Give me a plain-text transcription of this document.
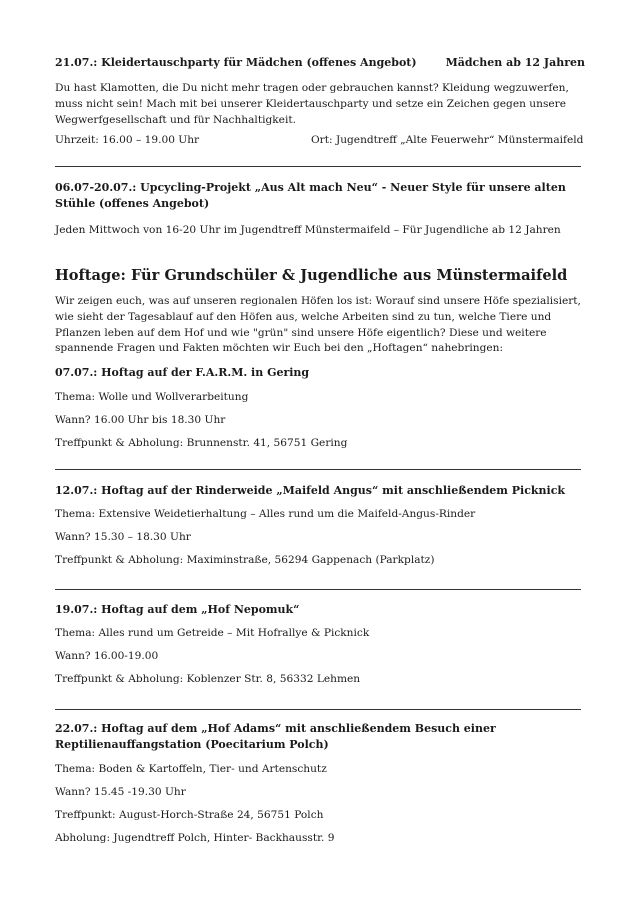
21.07.: Kleidertauschparty für Mädchen (offenes Angebot)	Mädchen ab 12 Jahren

Du hast Klamotten, die Du nicht mehr tragen oder gebrauchen kannst? Kleidung wegzuwerfen, muss nicht sein! Mach mit bei unserer Kleidertauschparty und setze ein Zeichen gegen unsere Wegwerfgesellschaft und für Nachhaltigkeit.

Uhrzeit: 16.00 – 19.00 Uhr	Ort: Jugendtreff „Alte Feuerwehr“ Münstermaifeld

06.07-20.07.: Upcycling-Projekt „Aus Alt mach Neu“ - Neuer Style für unsere alten Stühle (offenes Angebot)

Jeden Mittwoch von 16-20 Uhr im Jugendtreff Münstermaifeld – Für Jugendliche ab 12 Jahren

Hoftage: Für Grundschüler & Jugendliche aus Münstermaifeld

Wir zeigen euch, was auf unseren regionalen Höfen los ist: Worauf sind unsere Höfe spezialisiert, wie sieht der Tagesablauf auf den Höfen aus, welche Arbeiten sind zu tun, welche Tiere und Pflanzen leben auf dem Hof und wie "grün" sind unsere Höfe eigentlich? Diese und weitere spannende Fragen und Fakten möchten wir Euch bei den „Hoftagen“ nahebringen:

07.07.: Hoftag auf der F.A.R.M. in Gering

Thema: Wolle und Wollverarbeitung

Wann? 16.00 Uhr bis 18.30 Uhr

Treffpunkt & Abholung: Brunnenstr. 41, 56751 Gering

12.07.: Hoftag auf der Rinderweide „Maifeld Angus“ mit anschließendem Picknick

Thema: Extensive Weidetierhaltung – Alles rund um die Maifeld-Angus-Rinder

Wann? 15.30 – 18.30 Uhr

Treffpunkt & Abholung: Maximinstraße, 56294 Gappenach (Parkplatz)

19.07.: Hoftag auf dem „Hof Nepomuk“

Thema: Alles rund um Getreide – Mit Hofrallye & Picknick

Wann? 16.00-19.00

Treffpunkt & Abholung: Koblenzer Str. 8, 56332 Lehmen

22.07.: Hoftag auf dem „Hof Adams“ mit anschließendem Besuch einer Reptilienauffangstation (Poecitarium Polch)

Thema: Boden & Kartoffeln, Tier- und Artenschutz

Wann? 15.45 -19.30 Uhr

Treffpunkt: August-Horch-Straße 24, 56751 Polch

Abholung: Jugendtreff Polch, Hinter- Backhausstr. 9
